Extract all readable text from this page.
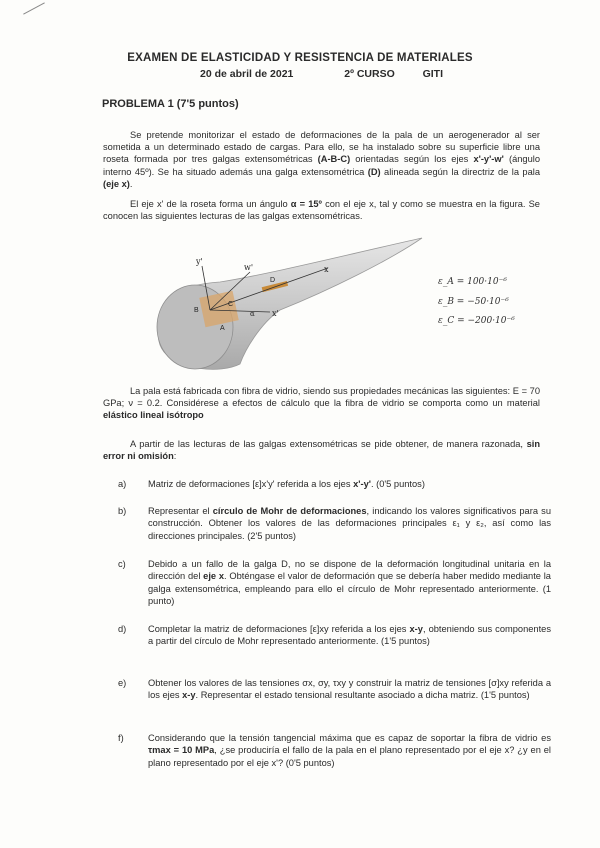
EXAMEN DE ELASTICIDAD Y RESISTENCIA DE MATERIALES
20 de abril de 2021	2º CURSO	GITI
PROBLEMA 1 (7'5 puntos)
Se pretende monitorizar el estado de deformaciones de la pala de un aerogenerador al ser sometida a un determinado estado de cargas. Para ello, se ha instalado sobre su superficie libre una roseta formada por tres galgas extensométricas (A-B-C) orientadas según los ejes x'-y'-w' (ángulo interno 45º). Se ha situado además una galga extensométrica (D) alineada según la directriz de la pala (eje x).
El eje x' de la roseta forma un ángulo α = 15º con el eje x, tal y como se muestra en la figura. Se conocen las siguientes lecturas de las galgas extensométricas.
y'
w'	x
x'
A
B
C
D
α
ε_A = 100·10⁻⁶
ε_B = −50·10⁻⁶
ε_C = −200·10⁻⁶
La pala está fabricada con fibra de vidrio, siendo sus propiedades mecánicas las siguientes: E = 70 GPa; ν = 0.2. Considérese a efectos de cálculo que la fibra de vidrio se comporta como un material elástico lineal isótropo
A partir de las lecturas de las galgas extensométricas se pide obtener, de manera razonada, sin error ni omisión:
a) Matriz de deformaciones [ε]x'y' referida a los ejes x'-y'. (0'5 puntos)
b) Representar el círculo de Mohr de deformaciones, indicando los valores significativos para su construcción. Obtener los valores de las deformaciones principales ε₁ y ε₂, así como las direcciones principales. (2'5 puntos)
c) Debido a un fallo de la galga D, no se dispone de la deformación longitudinal unitaria en la dirección del eje x. Obténgase el valor de deformación que se debería haber medido mediante la galga extensométrica, empleando para ello el círculo de Mohr representado anteriormente. (1 punto)
d) Completar la matriz de deformaciones [ε]xy referida a los ejes x-y, obteniendo sus componentes a partir del círculo de Mohr representado anteriormente. (1'5 puntos)
e) Obtener los valores de las tensiones σx, σy, τxy y construir la matriz de tensiones [σ]xy referida a los ejes x-y. Representar el estado tensional resultante asociado a dicha matriz. (1'5 puntos)
f)	Considerando que la tensión tangencial máxima que es capaz de soportar la fibra de vidrio es τmax = 10 MPa, ¿se produciría el fallo de la pala en el plano representado por el eje x? ¿y en el plano representado por el eje x'? (0'5 puntos)
